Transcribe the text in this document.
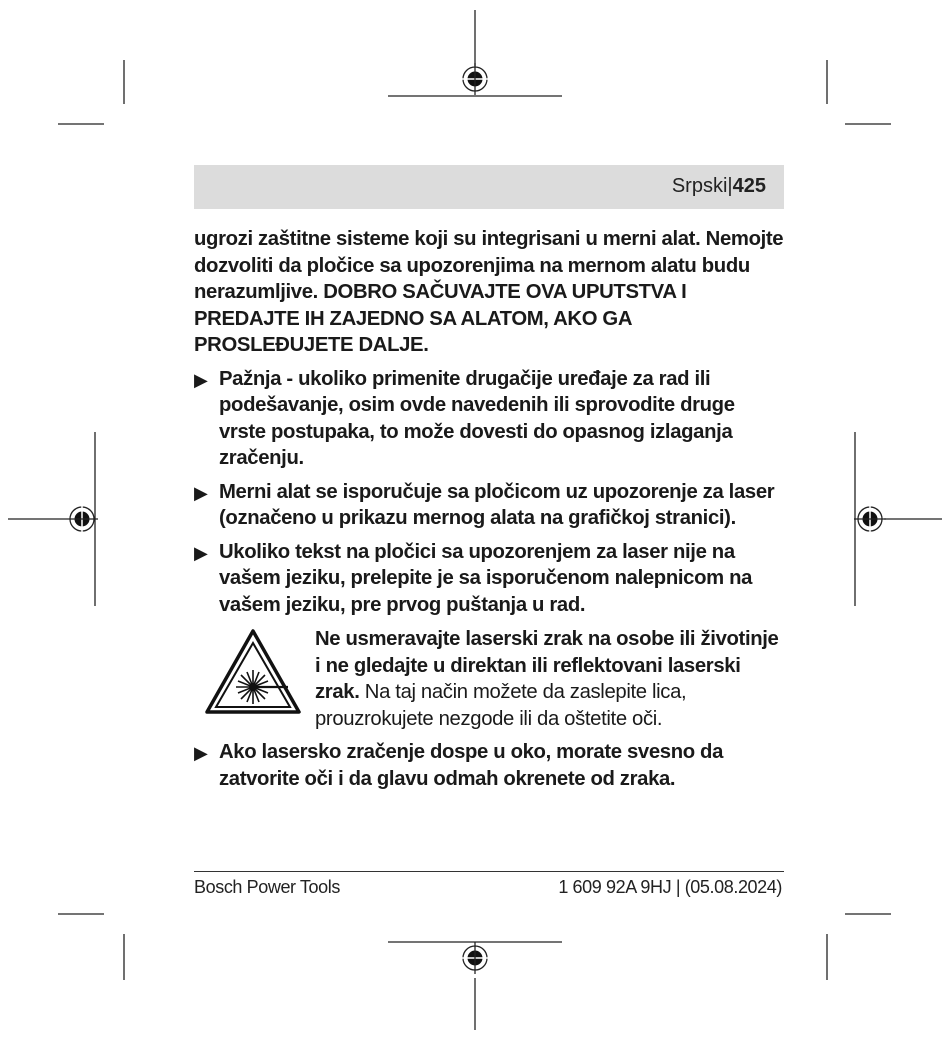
Srpski|425

ugrozi zaštitne sisteme koji su integrisani u merni alat. Nemojte dozvoliti da pločice sa upozorenjima na mernom alatu budu nerazumljive. DOBRO SAČUVAJTE OVA UPUTSTVA I PREDAJTE IH ZAJEDNO SA ALATOM, AKO GA PROSLEĐUJETE DALJE.

▶ Pažnja - ukoliko primenite drugačije uređaje za rad ili podešavanje, osim ovde navedenih ili sprovodite druge vrste postupaka, to može dovesti do opasnog izlaganja zračenju.
▶ Merni alat se isporučuje sa pločicom uz upozorenje za laser (označeno u prikazu mernog alata na grafičkoj stranici).
▶ Ukoliko tekst na pločici sa upozorenjem za laser nije na vašem jeziku, prelepite je sa isporučenom nalepnicom na vašem jeziku, pre prvog puštanja u rad.
Ne usmeravajte laserski zrak na osobe ili životinje i ne gledajte u direktan ili reflektovani laserski zrak. Na taj način možete da zaslepite lica, prouzrokujete nezgode ili da oštetite oči.
▶ Ako lasersko zračenje dospe u oko, morate svesno da zatvorite oči i da glavu odmah okrenete od zraka.
Bosch Power Tools	1 609 92A 9HJ | (05.08.2024)
